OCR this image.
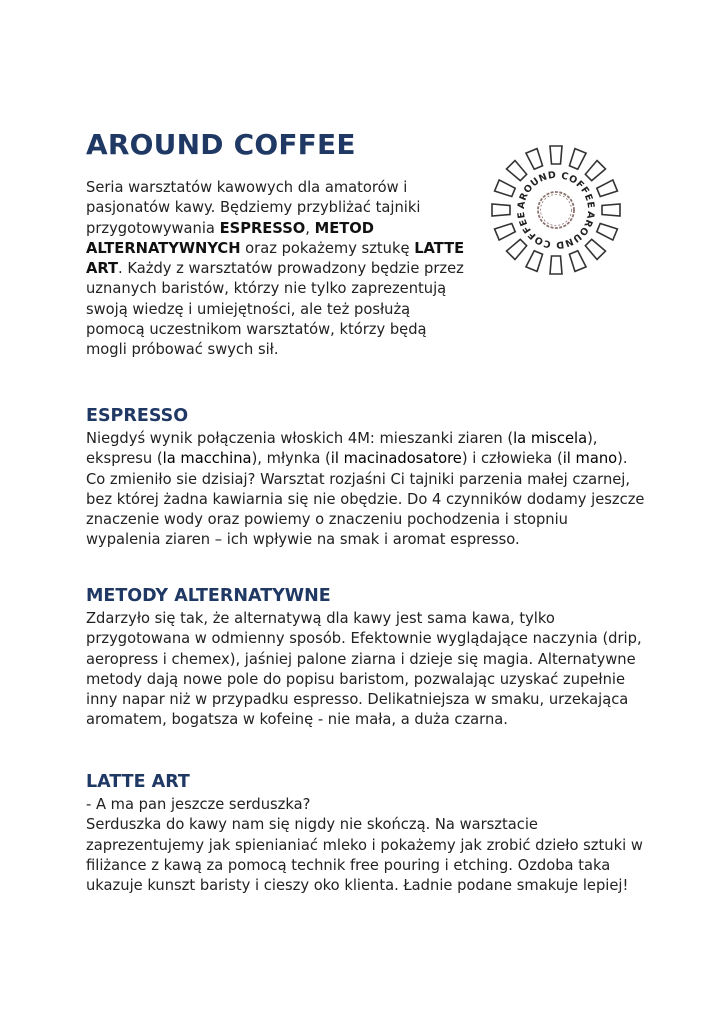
AROUND COFFEE
AROUND COFFEE
AROUND COFFEE

Seria warsztatów kawowych dla amatorów i pasjonatów kawy. Będziemy przybliżać tajniki przygotowywania ESPRESSO, METOD ALTERNATYWNYCH oraz pokażemy sztukę LATTE ART. Każdy z warsztatów prowadzony będzie przez uznanych baristów, którzy nie tylko zaprezentują swoją wiedzę i umiejętności, ale też posłużą pomocą uczestnikom warsztatów, którzy będą mogli próbować swych sił.

ESPRESSO

Niegdyś wynik połączenia włoskich 4M: mieszanki ziaren (la miscela), ekspresu (la macchina), młynka (il macinadosatore) i człowieka (il mano). Co zmieniło sie dzisiaj? Warsztat rozjaśni Ci tajniki parzenia małej czarnej, bez której żadna kawiarnia się nie obędzie. Do 4 czynników dodamy jeszcze znaczenie wody oraz powiemy o znaczeniu pochodzenia i stopniu wypalenia ziaren – ich wpływie na smak i aromat espresso.

METODY ALTERNATYWNE

Zdarzyło się tak, że alternatywą dla kawy jest sama kawa, tylko przygotowana w odmienny sposób. Efektownie wyglądające naczynia (drip, aeropress i chemex), jaśniej palone ziarna i dzieje się magia. Alternatywne metody dają nowe pole do popisu baristom, pozwalając uzyskać zupełnie inny napar niż w przypadku espresso. Delikatniejsza w smaku, urzekająca aromatem, bogatsza w kofeinę - nie mała, a duża czarna.

LATTE ART

- A ma pan jeszcze serduszka?
Serduszka do kawy nam się nigdy nie skończą. Na warsztacie zaprezentujemy jak spienianiać mleko i pokażemy jak zrobić dzieło sztuki w filiżance z kawą za pomocą technik free pouring i etching. Ozdoba taka ukazuje kunszt baristy i cieszy oko klienta. Ładnie podane smakuje lepiej!
